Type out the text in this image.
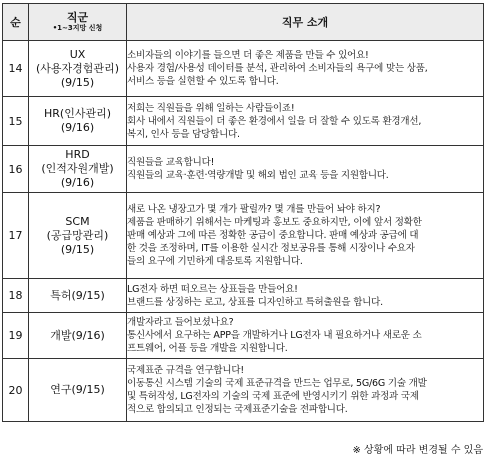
순	직군
•1~3지망 신청	직무 소개
14	UX
(사용자경험관리)
(9/15)	소비자들의 이야기를 들으면 더 좋은 제품을 만들 수 있어요!
사용자 경험/사용성 데이터를 분석, 관리하여 소비자들의 욕구에 맞는 상품,
서비스 등을 실현할 수 있도록 합니다.

15	HR(인사관리)
(9/16)	저희는 직원들을 위해 일하는 사람들이죠!
회사 내에서 직원들이 더 좋은 환경에서 일을 더 잘할 수 있도록 환경개선,
복지, 인사 등을 담당합니다.

16	HRD
(인적자원개발)
(9/16)	직원들을 교육합니다!
직원들의 교육·훈련·역량개발 및 해외 법인 교육 등을 지원합니다.

17	SCM
(공급망관리)
(9/15)	새로 나온 냉장고가 몇 개가 팔릴까? 몇 개를 만들어 놔야 하지?
제품을 판매하기 위해서는 마케팅과 홍보도 중요하지만, 이에 앞서 정확한
판매 예상과 그에 따른 정확한 공급이 중요합니다. 판매 예상과 공급에 대
한 것을 조정하며, IT를 이용한 실시간 정보공유를 통해 시장이나 수요자
들의 요구에 기민하게 대응토록 지원합니다.

18	특허(9/15)	LG전자 하면 떠오르는 상표들을 만들어요!
브랜드를 상징하는 로고, 상표를 디자인하고 특허출원을 합니다.

19	개발(9/16)	개발자라고 들어보셨나요?
통신사에서 요구하는 APP을 개발하거나 LG전자 내 필요하거나 새로운 소
프트웨어, 어플 등을 개발을 지원합니다.

20	연구(9/15)	국제표준 규격을 연구합니다!
이동통신 시스템 기술의 국제 표준규격을 만드는 업무로, 5G/6G 기술 개발
및 특허작성, LG전자의 기술의 국제 표준에 반영시키기 위한 과정과 국제
적으로 합의되고 인정되는 국제표준기술을 전파합니다.
※ 상황에 따라 변경될 수 있음
